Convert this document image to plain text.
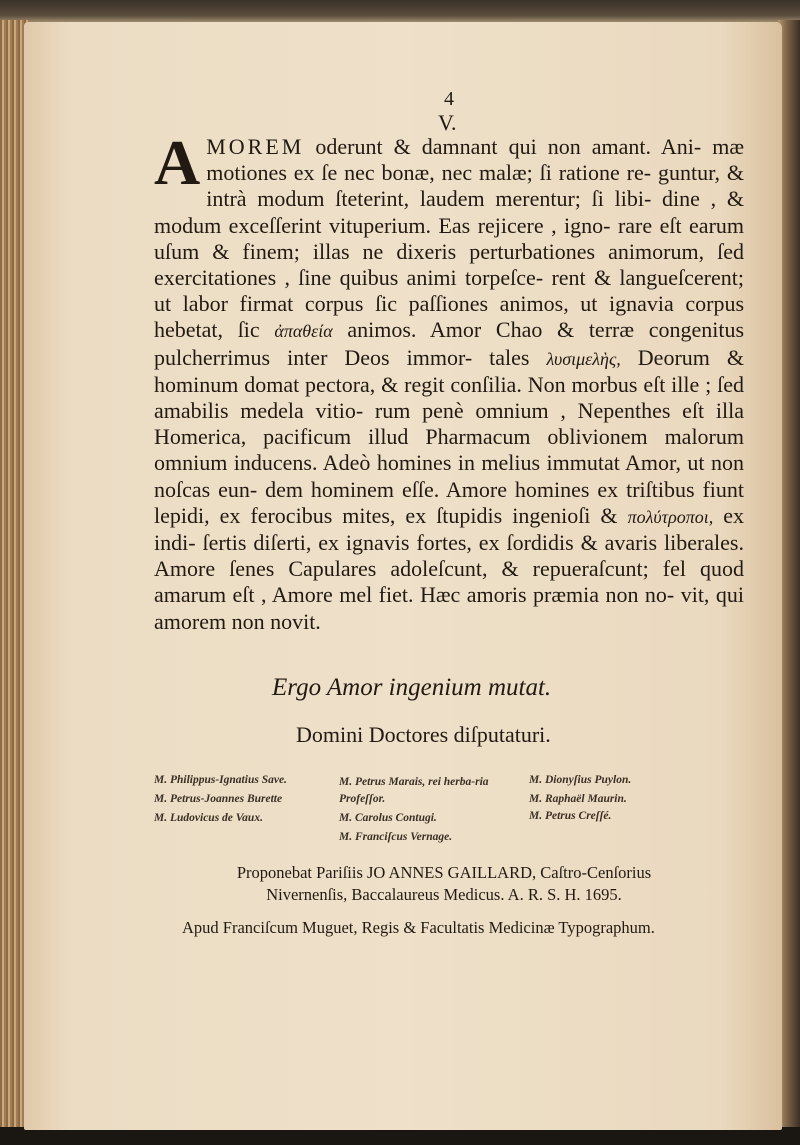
4
V.

AMOREM oderunt & damnant qui non amant. Ani- mæ motiones ex ſe nec bonæ, nec malæ; ſi ratione re- guntur, & intrà modum ſteterint, laudem merentur; ſi libi- dine , & modum exceſſerint vituperium. Eas rejicere , igno- rare eſt earum uſum & finem; illas ne dixeris perturbationes animorum, ſed exercitationes , ſine quibus animi torpeſce- rent & langueſcerent; ut labor firmat corpus ſic paſſiones animos, ut ignavia corpus hebetat, ſic ἀπαθεία animos. Amor Chao & terræ congenitus pulcherrimus inter Deos immor- tales λυσιμελὴς, Deorum & hominum domat pectora, & regit conſilia. Non morbus eſt ille ; ſed amabilis medela vitio- rum penè omnium , Nepenthes eſt illa Homerica, pacificum illud Pharmacum oblivionem malorum omnium inducens. Adeò homines in melius immutat Amor, ut non noſcas eun- dem hominem eſſe. Amore homines ex triſtibus fiunt lepidi, ex ferocibus mites, ex ſtupidis ingenioſi & πολύτροποι, ex indi- ſertis diſerti, ex ignavis fortes, ex ſordidis & avaris liberales. Amore ſenes Capulares adoleſcunt, & repueraſcunt; fel quod amarum eſt , Amore mel fiet. Hæc amoris præmia non no- vit, qui amorem non novit.

Ergo Amor ingenium mutat.
Domini Doctores diſputaturi.
M. Philippus-Ignatius Save.
M. Petrus-Joannes Burette
M. Ludovicus de Vaux.
M. Petrus Marais, rei herba-ria Profeſſor.
M. Carolus Contugi.
M. Franciſcus Vernage.
M. Dionyſius Puylon.
M. Raphaël Maurin.
M. Petrus Creſſé.
Proponebat Pariſiis JO ANNES GAILLARD, Caſtro-Cenſorius
Nivernenſis, Baccalaureus Medicus. A. R. S. H. 1695.
Apud Franciſcum Muguet, Regis & Facultatis Medicinæ Typographum.
